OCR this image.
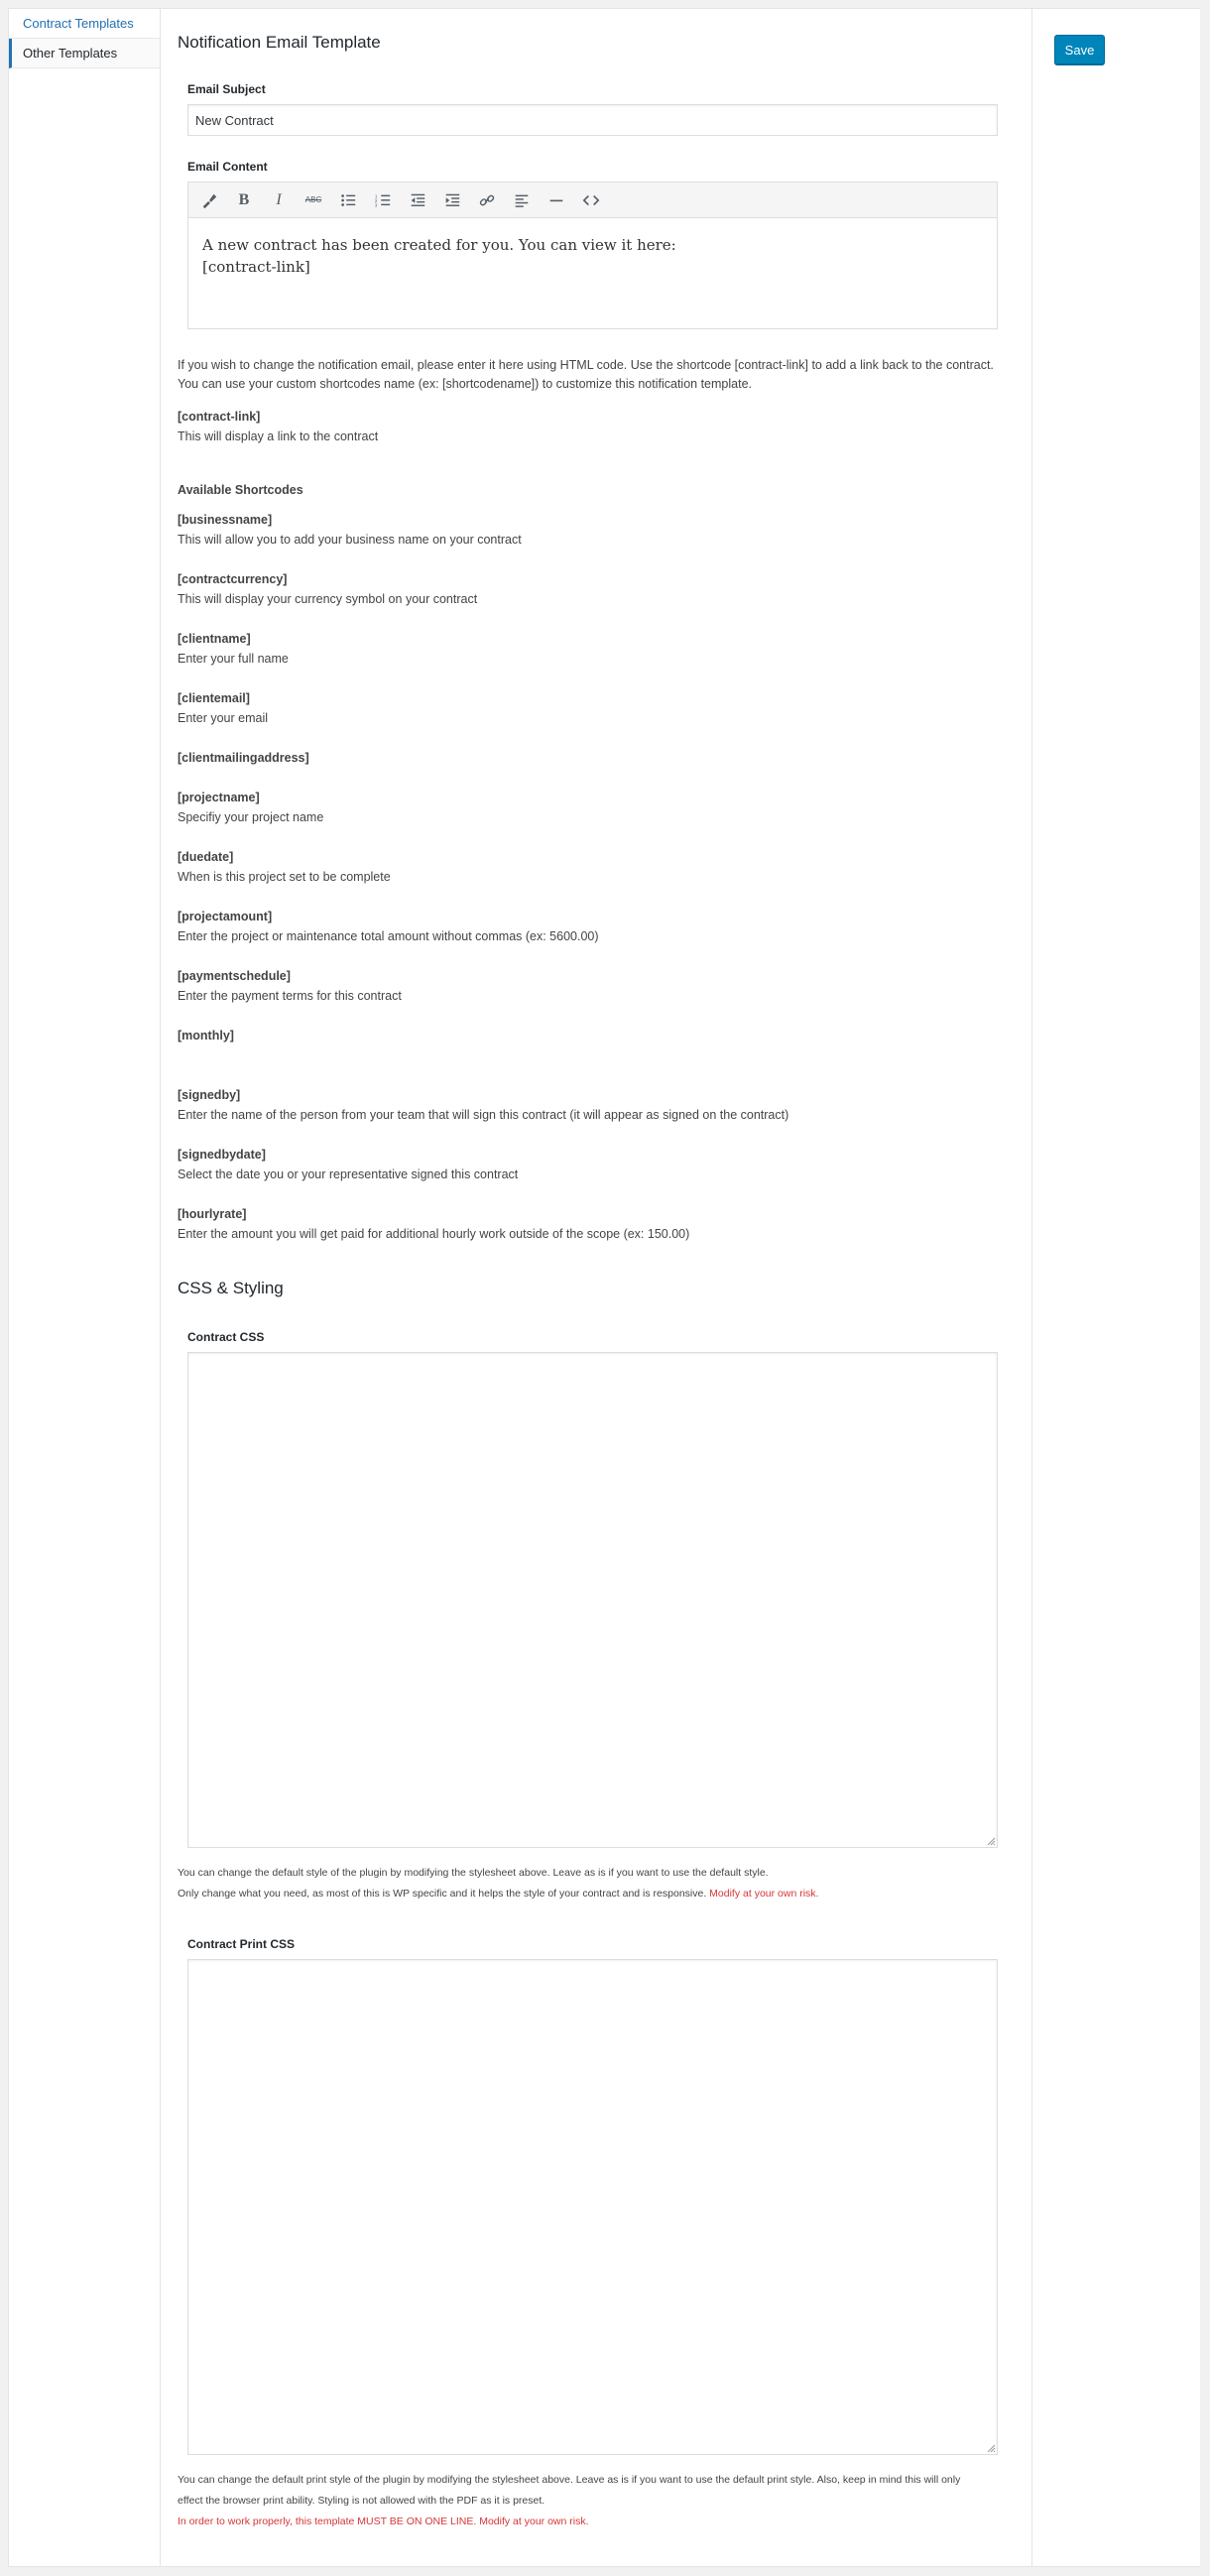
Contract Templates
Other Templates
Notification Email Template
Email Subject
New Contract
Email Content
B	I	ABC	1
2
3
A new contract has been created for you. You can view it here:
[contract-link]
If you wish to change the notification email, please enter it here using HTML code. Use the shortcode [contract-link] to add a link back to the contract. You can use your custom shortcodes name (ex: [shortcodename]) to customize this notification template.
[contract-link]
This will display a link to the contract
Available Shortcodes
[businessname]
This will allow you to add your business name on your contract
[contractcurrency]
This will display your currency symbol on your contract
[clientname]
Enter your full name
[clientemail]
Enter your email
[clientmailingaddress]
[projectname]
Specifiy your project name
[duedate]
When is this project set to be complete
[projectamount]
Enter the project or maintenance total amount without commas (ex: 5600.00)
[paymentschedule]
Enter the payment terms for this contract
[monthly]
[signedby]
Enter the name of the person from your team that will sign this contract (it will appear as signed on the contract)
[signedbydate]
Select the date you or your representative signed this contract
[hourlyrate]
Enter the amount you will get paid for additional hourly work outside of the scope (ex: 150.00)
CSS & Styling
Contract CSS
You can change the default style of the plugin by modifying the stylesheet above. Leave as is if you want to use the default style.
Only change what you need, as most of this is WP specific and it helps the style of your contract and is responsive. Modify at your own risk.
Contract Print CSS
You can change the default print style of the plugin by modifying the stylesheet above. Leave as is if you want to use the default print style. Also, keep in mind this will only
effect the browser print ability. Styling is not allowed with the PDF as it is preset.
In order to work properly, this template MUST BE ON ONE LINE. Modify at your own risk.
Save
